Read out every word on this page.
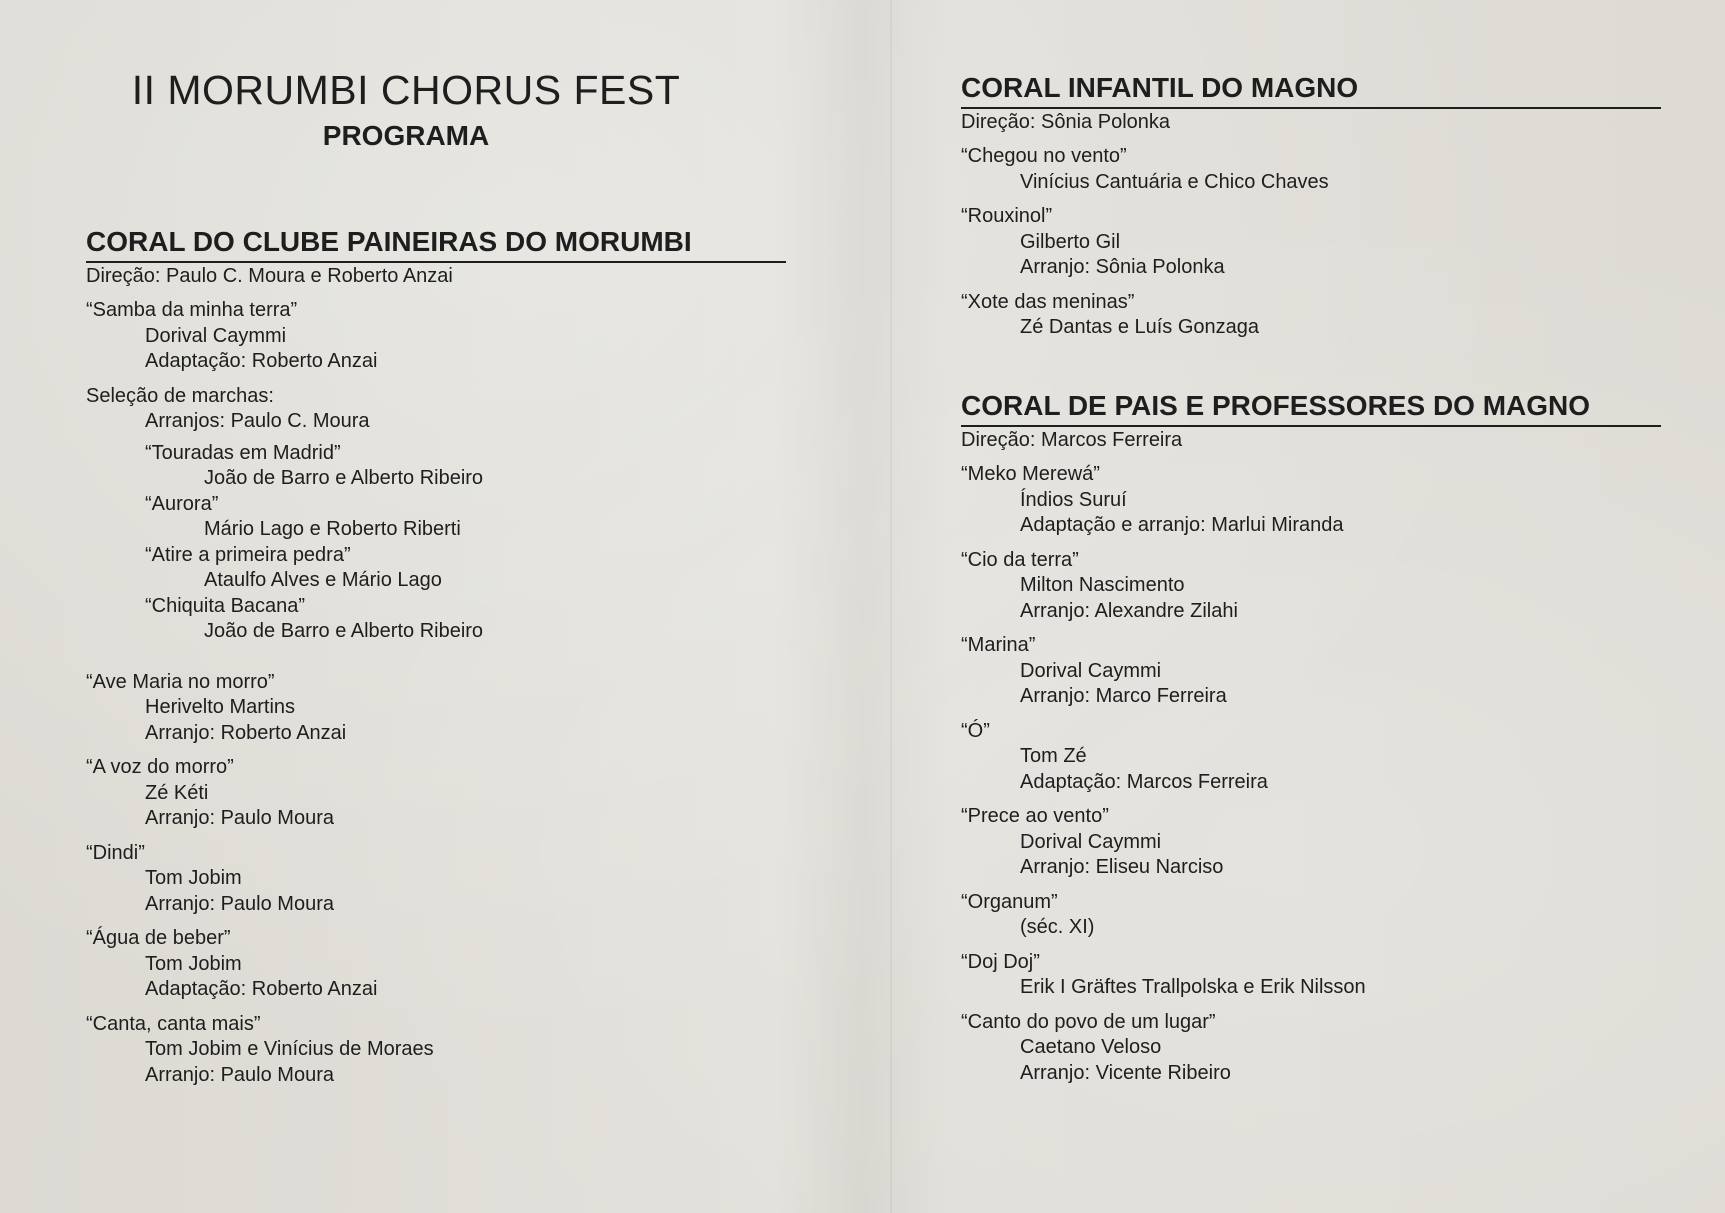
II MORUMBI CHORUS FEST
PROGRAMA
CORAL DO CLUBE PAINEIRAS DO MORUMBI

Direção: Paulo C. Moura e Roberto Anzai

“Samba da minha terra”
Dorival Caymmi
Adaptação: Roberto Anzai
Seleção de marchas:
Arranjos: Paulo C. Moura
“Touradas em Madrid”
João de Barro e Alberto Ribeiro
“Aurora”
Mário Lago e Roberto Riberti
“Atire a primeira pedra”
Ataulfo Alves e Mário Lago
“Chiquita Bacana”
João de Barro e Alberto Ribeiro
“Ave Maria no morro”
Herivelto Martins
Arranjo: Roberto Anzai
“A voz do morro”
Zé Kéti
Arranjo: Paulo Moura
“Dindi”
Tom Jobim
Arranjo: Paulo Moura
“Água de beber”
Tom Jobim
Adaptação: Roberto Anzai
“Canta, canta mais”
Tom Jobim e Vinícius de Moraes
Arranjo: Paulo Moura
CORAL INFANTIL DO MAGNO

Direção: Sônia Polonka

“Chegou no vento”
Vinícius Cantuária e Chico Chaves
“Rouxinol”
Gilberto Gil
Arranjo: Sônia Polonka
“Xote das meninas”
Zé Dantas e Luís Gonzaga
CORAL DE PAIS E PROFESSORES DO MAGNO

Direção: Marcos Ferreira

“Meko Merewá”
Índios Suruí
Adaptação e arranjo: Marlui Miranda
“Cio da terra”
Milton Nascimento
Arranjo: Alexandre Zilahi
“Marina”
Dorival Caymmi
Arranjo: Marco Ferreira
“Ó”
Tom Zé
Adaptação: Marcos Ferreira
“Prece ao vento”
Dorival Caymmi
Arranjo: Eliseu Narciso
“Organum”
(séc. XI)
“Doj Doj”
Erik I Gräftes Trallpolska e Erik Nilsson
“Canto do povo de um lugar”
Caetano Veloso
Arranjo: Vicente Ribeiro
